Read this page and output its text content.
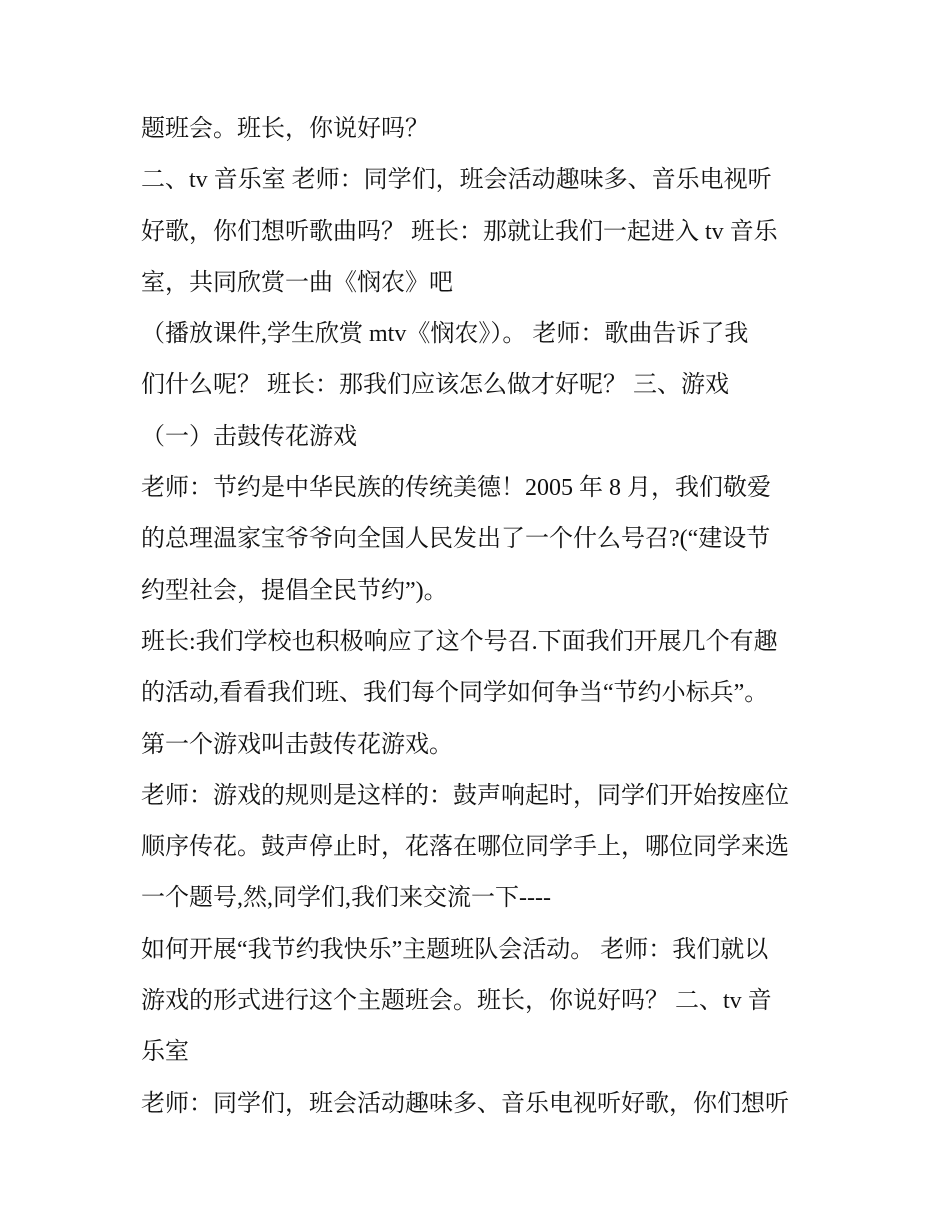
题班会。班长，你说好吗？

二、tv 音乐室 老师：同学们，班会活动趣味多、音乐电视听

好歌，你们想听歌曲吗？ 班长：那就让我们一起进入 tv 音乐

室，共同欣赏一曲《悯农》吧

（播放课件,学生欣赏 mtv《悯农》）。 老师：歌曲告诉了我

们什么呢？ 班长：那我们应该怎么做才好呢？ 三、游戏

（一）击鼓传花游戏

老师：节约是中华民族的传统美德！2005 年 8 月，我们敬爱

的总理温家宝爷爷向全国人民发出了一个什么号召?(“建设节

约型社会，提倡全民节约”)。

班长:我们学校也积极响应了这个号召.下面我们开展几个有趣

的活动,看看我们班、我们每个同学如何争当“节约小标兵”。

第一个游戏叫击鼓传花游戏。

老师：游戏的规则是这样的：鼓声响起时，同学们开始按座位

顺序传花。鼓声停止时，花落在哪位同学手上，哪位同学来选

一个题号,然,同学们,我们来交流一下----

如何开展“我节约我快乐”主题班队会活动。 老师：我们就以

游戏的形式进行这个主题班会。班长，你说好吗？ 二、tv 音

乐室

老师：同学们，班会活动趣味多、音乐电视听好歌，你们想听
